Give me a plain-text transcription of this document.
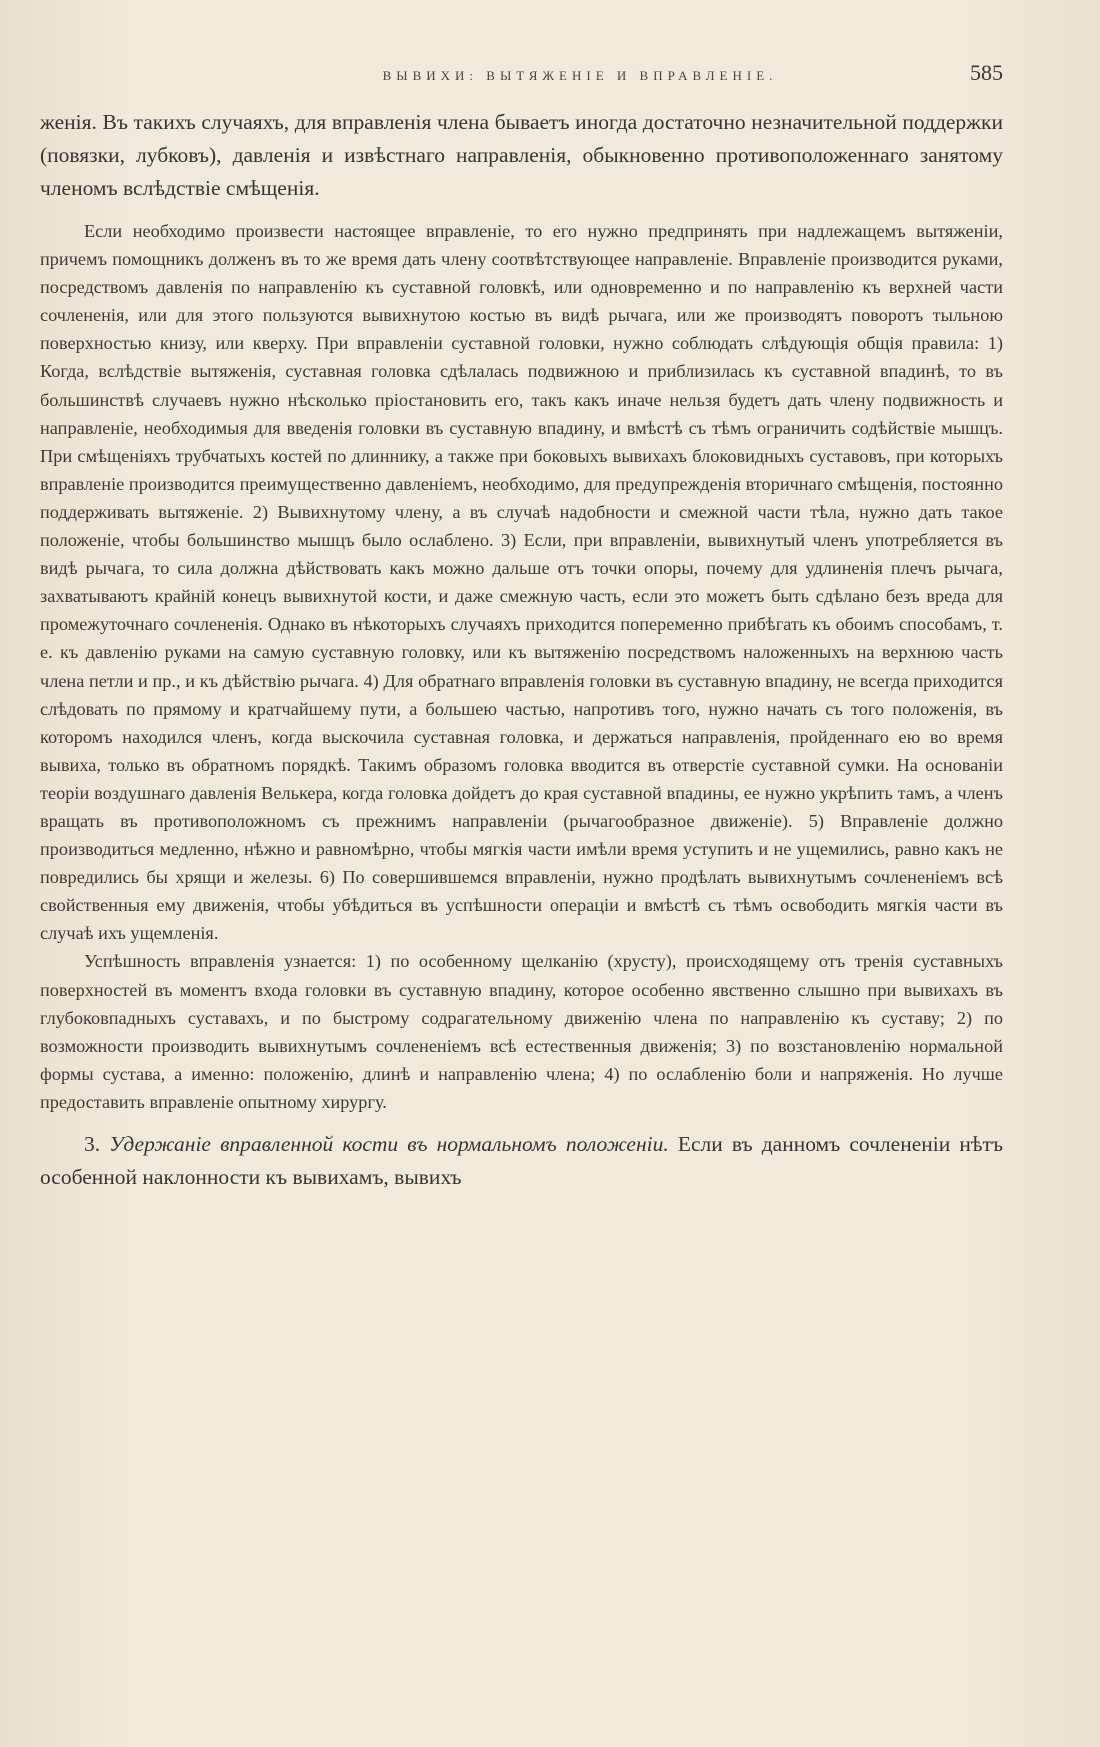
ВЫВИХИ: ВЫТЯЖЕНІЕ И ВПРАВЛЕНІЕ.	585

женія. Въ такихъ случаяхъ, для вправленія члена бываетъ иногда достаточно незначительной поддержки (повязки, лубковъ), давленія и извѣстнаго направленія, обыкновенно противоположеннаго занятому членомъ вслѣдствіе смѣщенія.

Если необходимо произвести настоящее вправленіе, то его нужно предпринять при надлежащемъ вытяженіи, причемъ помощникъ долженъ въ то же время дать члену соотвѣтствующее направленіе. Вправленіе производится руками, посредствомъ давленія по направленію къ суставной головкѣ, или одновременно и по направленію къ верхней части сочлененія, или для этого пользуются вывихнутою костью въ видѣ рычага, или же производятъ поворотъ тыльною поверхностью книзу, или кверху. При вправленіи суставной головки, нужно соблюдать слѣдующія общія правила: 1) Когда, вслѣдствіе вытяженія, суставная головка сдѣлалась подвижною и приблизилась къ суставной впадинѣ, то въ большинствѣ случаевъ нужно нѣсколько пріостановить его, такъ какъ иначе нельзя будетъ дать члену подвижность и направленіе, необходимыя для введенія головки въ суставную впадину, и вмѣстѣ съ тѣмъ ограничить содѣйствіе мышцъ. При смѣщеніяхъ трубчатыхъ костей по длиннику, а также при боковыхъ вывихахъ блоковидныхъ суставовъ, при которыхъ вправленіе производится преимущественно давленіемъ, необходимо, для предупрежденія вторичнаго смѣщенія, постоянно поддерживать вытяженіе. 2) Вывихнутому члену, а въ случаѣ надобности и смежной части тѣла, нужно дать такое положеніе, чтобы большинство мышцъ было ослаблено. 3) Если, при вправленіи, вывихнутый членъ употребляется въ видѣ рычага, то сила должна дѣйствовать какъ можно дальше отъ точки опоры, почему для удлиненія плечъ рычага, захватываютъ крайній конецъ вывихнутой кости, и даже смежную часть, если это можетъ быть сдѣлано безъ вреда для промежуточнаго сочлененія. Однако въ нѣкоторыхъ случаяхъ приходится попеременно прибѣгать къ обоимъ способамъ, т. е. къ давленію руками на самую суставную головку, или къ вытяженію посредствомъ наложенныхъ на верхнюю часть члена петли и пр., и къ дѣйствію рычага. 4) Для обратнаго вправленія головки въ суставную впадину, не всегда приходится слѣдовать по прямому и кратчайшему пути, а большею частью, напротивъ того, нужно начать съ того положенія, въ которомъ находился членъ, когда выскочила суставная головка, и держаться направленія, пройденнаго ею во время вывиха, только въ обратномъ порядкѣ. Такимъ образомъ головка вводится въ отверстіе суставной сумки. На основаніи теоріи воздушнаго давленія Велькера, когда головка дойдетъ до края суставной впадины, ее нужно укрѣпить тамъ, а членъ вращать въ противоположномъ съ прежнимъ направленіи (рычагообразное движеніе). 5) Вправленіе должно производиться медленно, нѣжно и равномѣрно, чтобы мягкія части имѣли время уступить и не ущемились, равно какъ не повредились бы хрящи и железы. 6) По совершившемся вправленіи, нужно продѣлать вывихнутымъ сочлененіемъ всѣ свойственныя ему движенія, чтобы убѣдиться въ успѣшности операціи и вмѣстѣ съ тѣмъ освободить мягкія части въ случаѣ ихъ ущемленія.

Успѣшность вправленія узнается: 1) по особенному щелканію (хрусту), происходящему отъ тренія суставныхъ поверхностей въ моментъ входа головки въ суставную впадину, которое особенно явственно слышно при вывихахъ въ глубоковпадныхъ суставахъ, и по быстрому содрагательному движенію члена по направленію къ суставу; 2) по возможности производить вывихнутымъ сочлененіемъ всѣ естественныя движенія; 3) по возстановленію нормальной формы сустава, а именно: положенію, длинѣ и направленію члена; 4) по ослабленію боли и напряженія. Но лучше предоставить вправленіе опытному хирургу.

3. Удержаніе вправленной кости въ нормальномъ положеніи. Если въ данномъ сочлененіи нѣтъ особенной наклонности къ вывихамъ, вывихъ
